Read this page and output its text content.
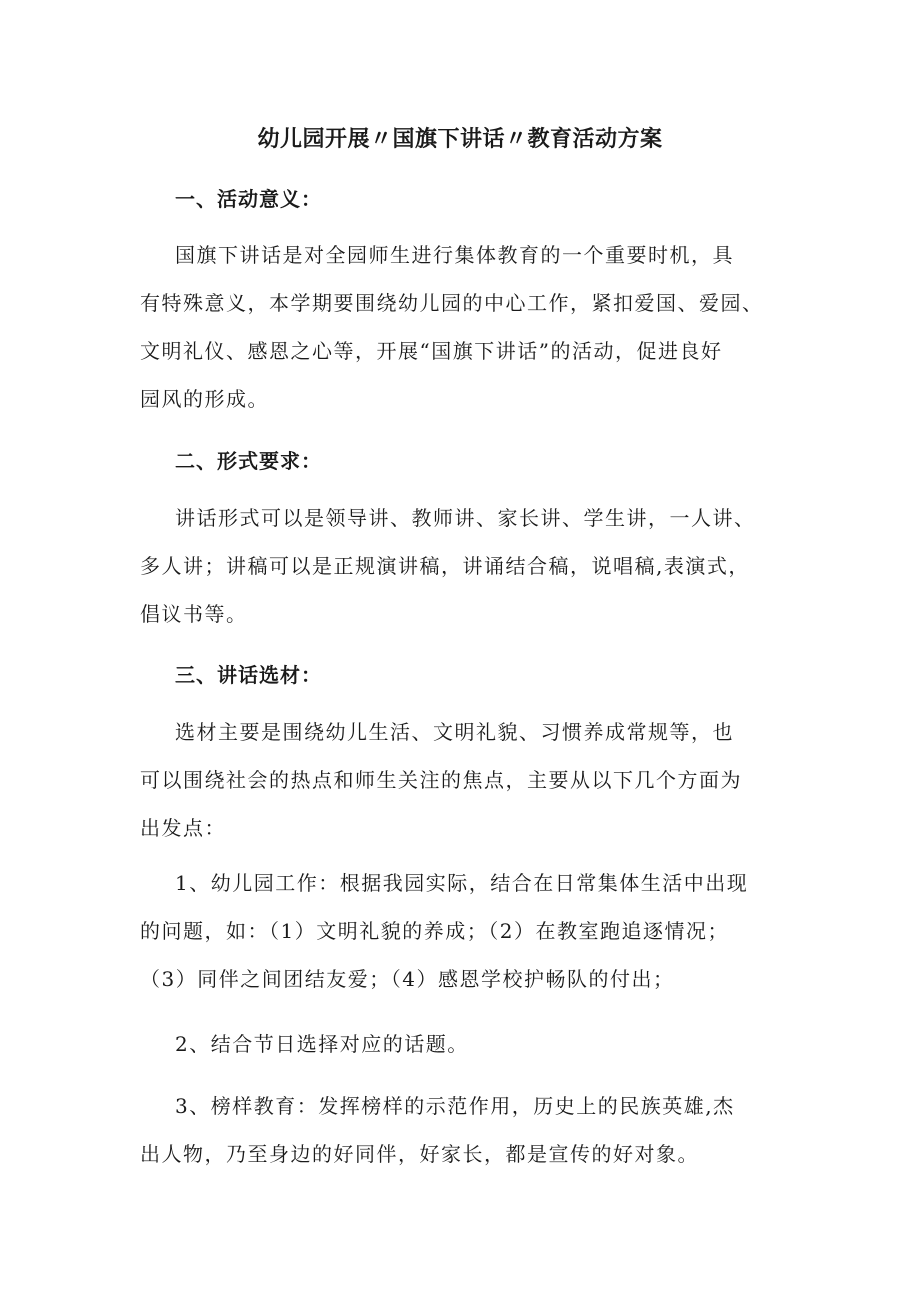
幼儿园开展〃国旗下讲话〃教育活动方案
一、活动意义：

国旗下讲话是对全园师生进行集体教育的一个重要时机，具
有特殊意义，本学期要围绕幼儿园的中心工作，紧扣爱国、爱园、
文明礼仪、感恩之心等，开展“国旗下讲话”的活动，促进良好
园风的形成。

二、形式要求：

讲话形式可以是领导讲、教师讲、家长讲、学生讲，一人讲、
多人讲；讲稿可以是正规演讲稿，讲诵结合稿，说唱稿,表演式，
倡议书等。

三、讲话选材：

选材主要是围绕幼儿生活、文明礼貌、习惯养成常规等，也
可以围绕社会的热点和师生关注的焦点，主要从以下几个方面为
出发点：

1、幼儿园工作：根据我园实际，结合在日常集体生活中出现
的问题，如：（1）文明礼貌的养成；（2）在教室跑追逐情况；
（3）同伴之间团结友爱；（4）感恩学校护畅队的付出；

2、结合节日选择对应的话题。

3、榜样教育：发挥榜样的示范作用，历史上的民族英雄,杰
出人物，乃至身边的好同伴，好家长，都是宣传的好对象。
